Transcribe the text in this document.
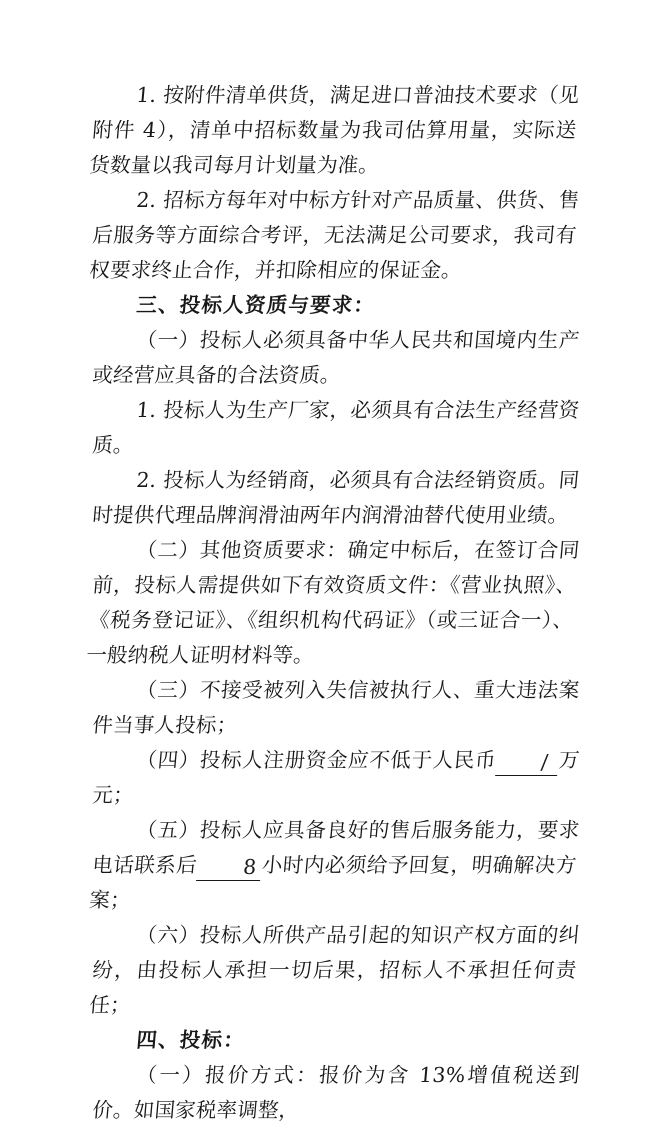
1. 按附件清单供货，满足进口普油技术要求（见附件 4），清单中招标数量为我司估算用量，实际送货数量以我司每月计划量为准。

2. 招标方每年对中标方针对产品质量、供货、售后服务等方面综合考评，无法满足公司要求，我司有权要求终止合作，并扣除相应的保证金。

三、投标人资质与要求：

（一）投标人必须具备中华人民共和国境内生产或经营应具备的合法资质。

1. 投标人为生产厂家，必须具有合法生产经营资质。

2. 投标人为经销商，必须具有合法经销资质。同时提供代理品牌润滑油两年内润滑油替代使用业绩。

（二）其他资质要求：确定中标后，在签订合同前，投标人需提供如下有效资质文件：《营业执照》、《税务登记证》、《组织机构代码证》（或三证合一）、一般纳税人证明材料等。

（三）不接受被列入失信被执行人、重大违法案件当事人投标；

（四）投标人注册资金应不低于人民币 / 万元；

（五）投标人应具备良好的售后服务能力，要求电话联系后 8 小时内必须给予回复，明确解决方案；

（六）投标人所供产品引起的知识产权方面的纠纷，由投标人承担一切后果，招标人不承担任何责任；

四、投标：

（一）报价方式：报价为含 13%增值税送到价。如国家税率调整，
